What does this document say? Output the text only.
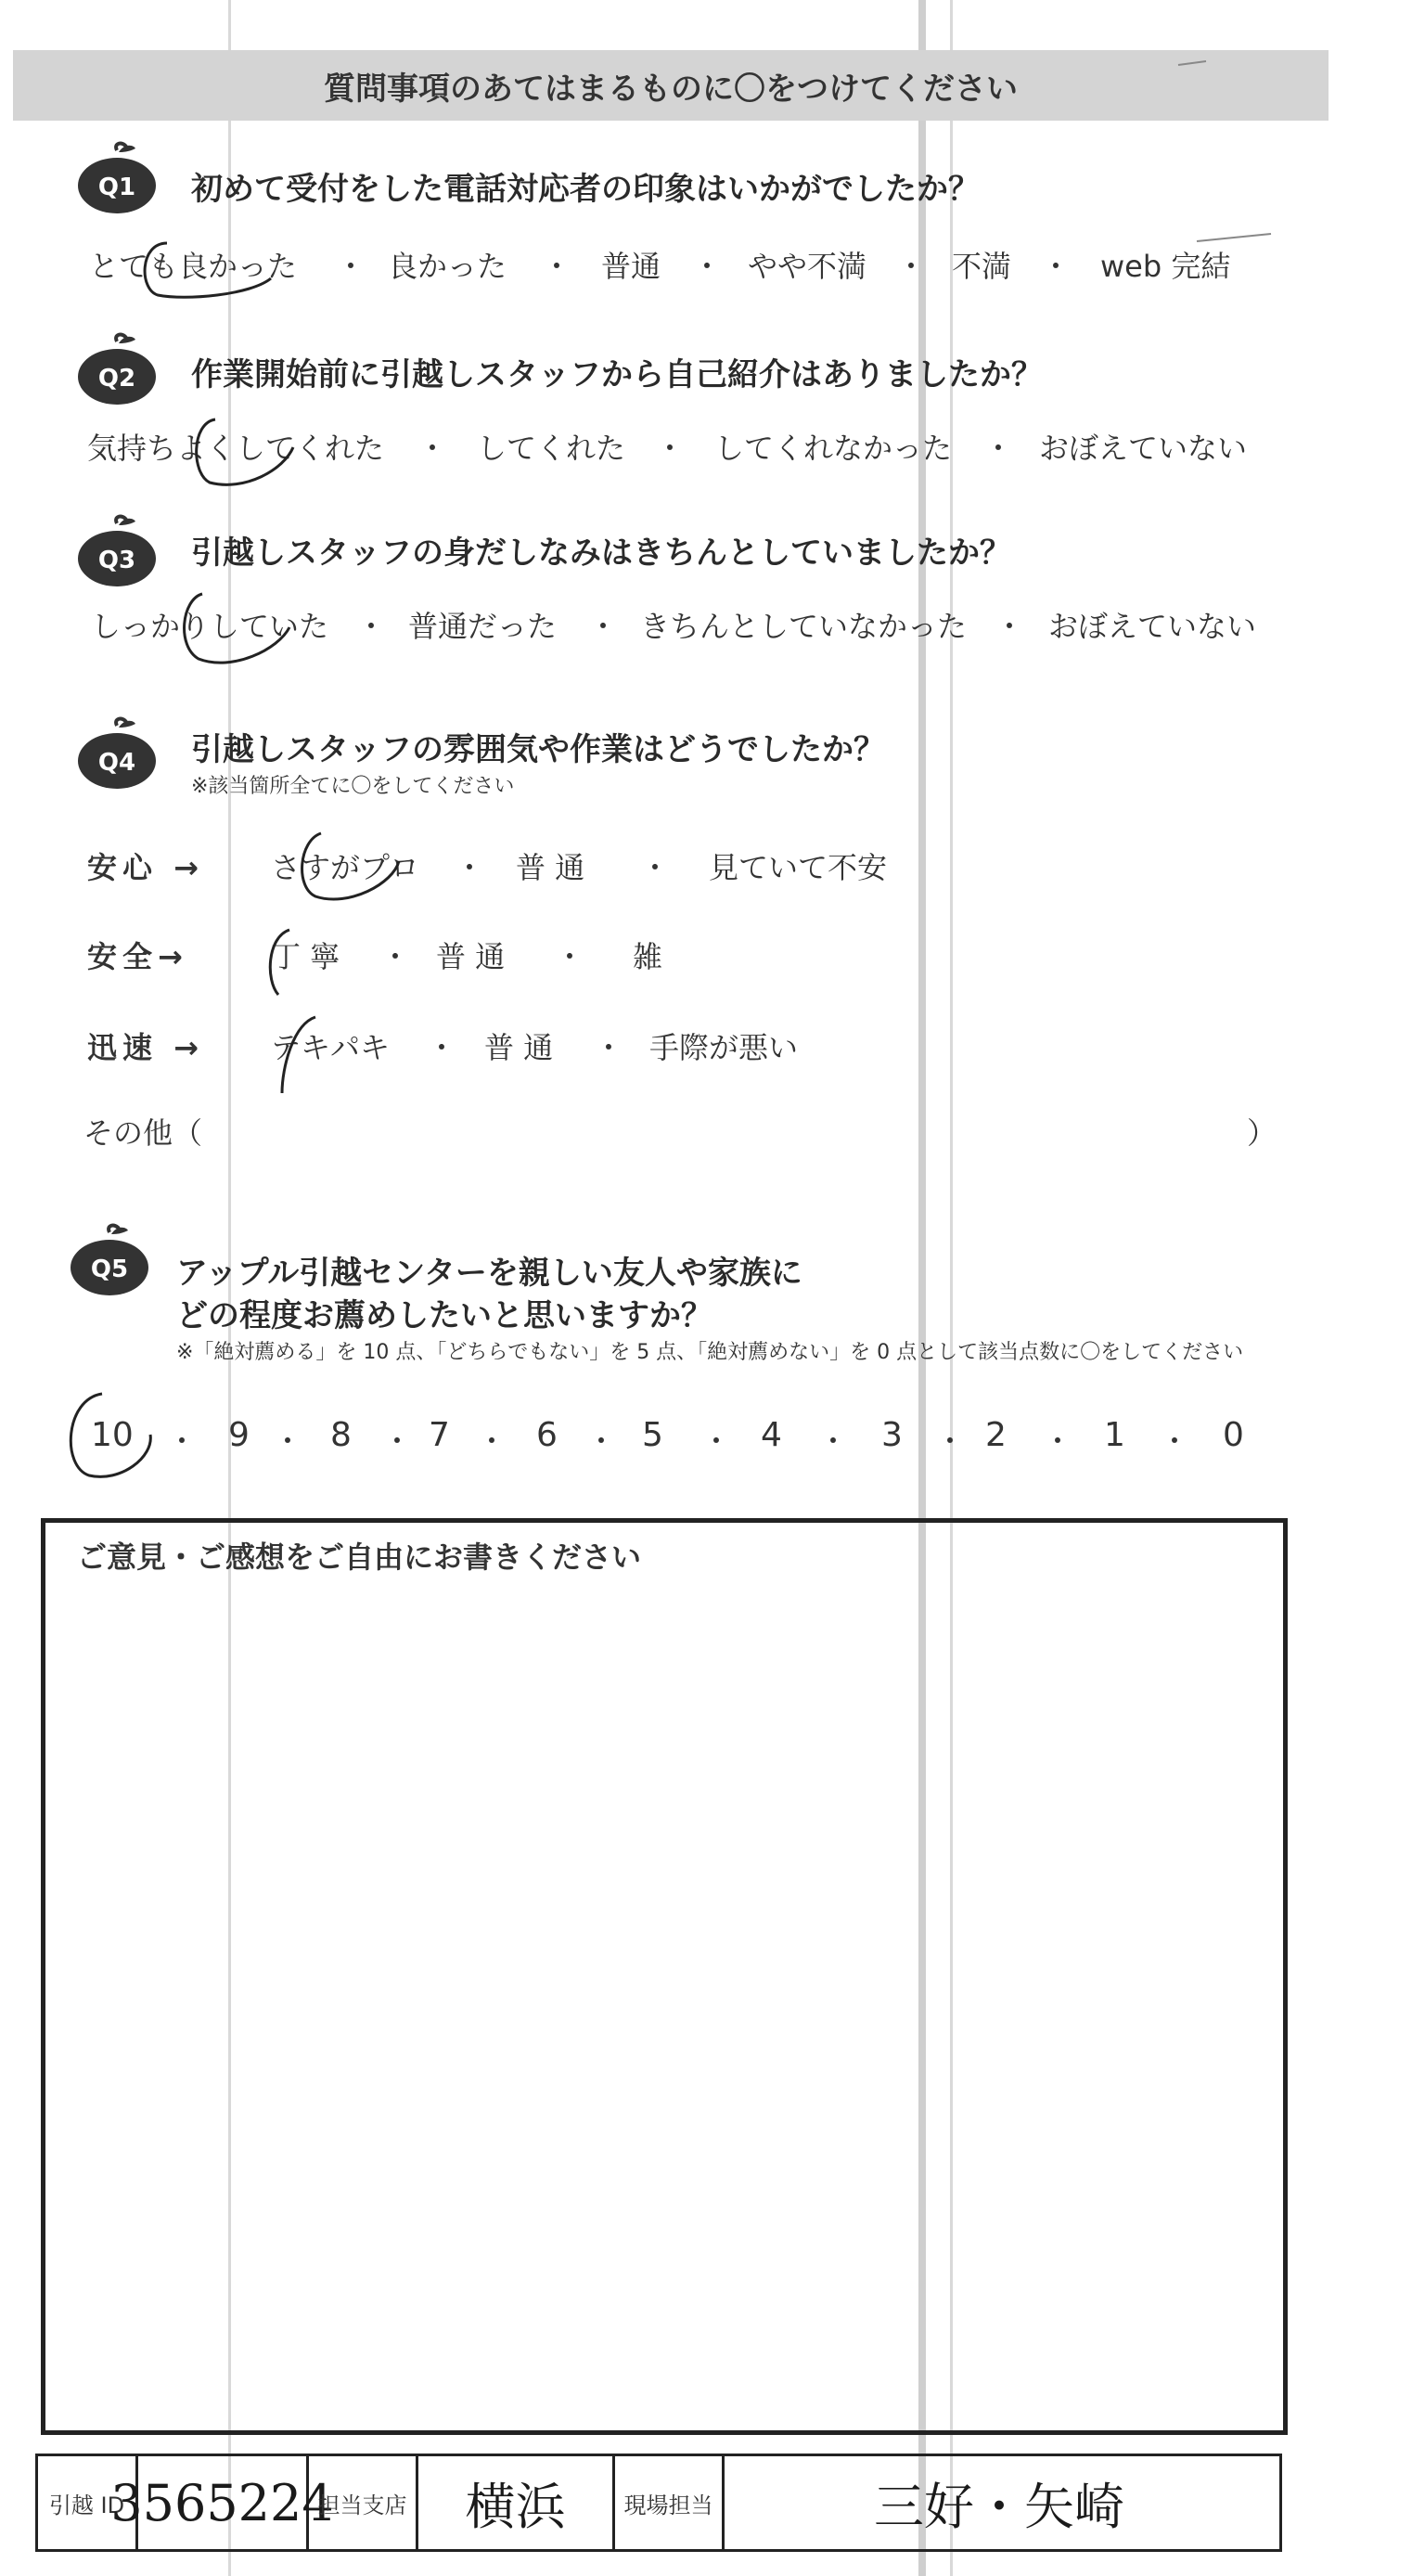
質問事項のあてはまるものに〇をつけてください
Q1 初めて受付をした電話対応者の印象はいかがでしたか？
とても良かった ・ 良かった ・ 普通 ・ やや不満 ・ 不満 ・ web 完結
Q2 作業開始前に引越しスタッフから自己紹介はありましたか？
気持ちよくしてくれた ・ してくれた ・ してくれなかった ・ おぼえていない
Q3 引越しスタッフの身だしなみはきちんとしていましたか？
しっかりしていた ・ 普通だった ・ きちんとしていなかった ・ おぼえていない
Q4 引越しスタッフの雰囲気や作業はどうでしたか？
※該当箇所全てに〇をしてください
安心 → さすがプロ ・ 普 通 ・ 見ていて不安
安全→	丁 寧 ・ 普 通 ・ 雑
迅速 → テキパキ ・ 普 通 ・ 手際が悪い
その他（	）
Q5 アップル引越センターを親しい友人や家族に
どの程度お薦めしたいと思いますか？
※「絶対薦める」を 10 点、「どちらでもない」を 5 点、「絶対薦めない」を 0 点として該当点数に〇をしてください
10 ・ 9 ・ 8 ・ 7 ・ 6 ・ 5 ・ 4 ・ 3 ・ 2 ・ 1 ・ 0
ご意見・ご感想をご自由にお書きください
引越 ID
3565224
担当支店	横浜	現場担当	三好・矢崎
